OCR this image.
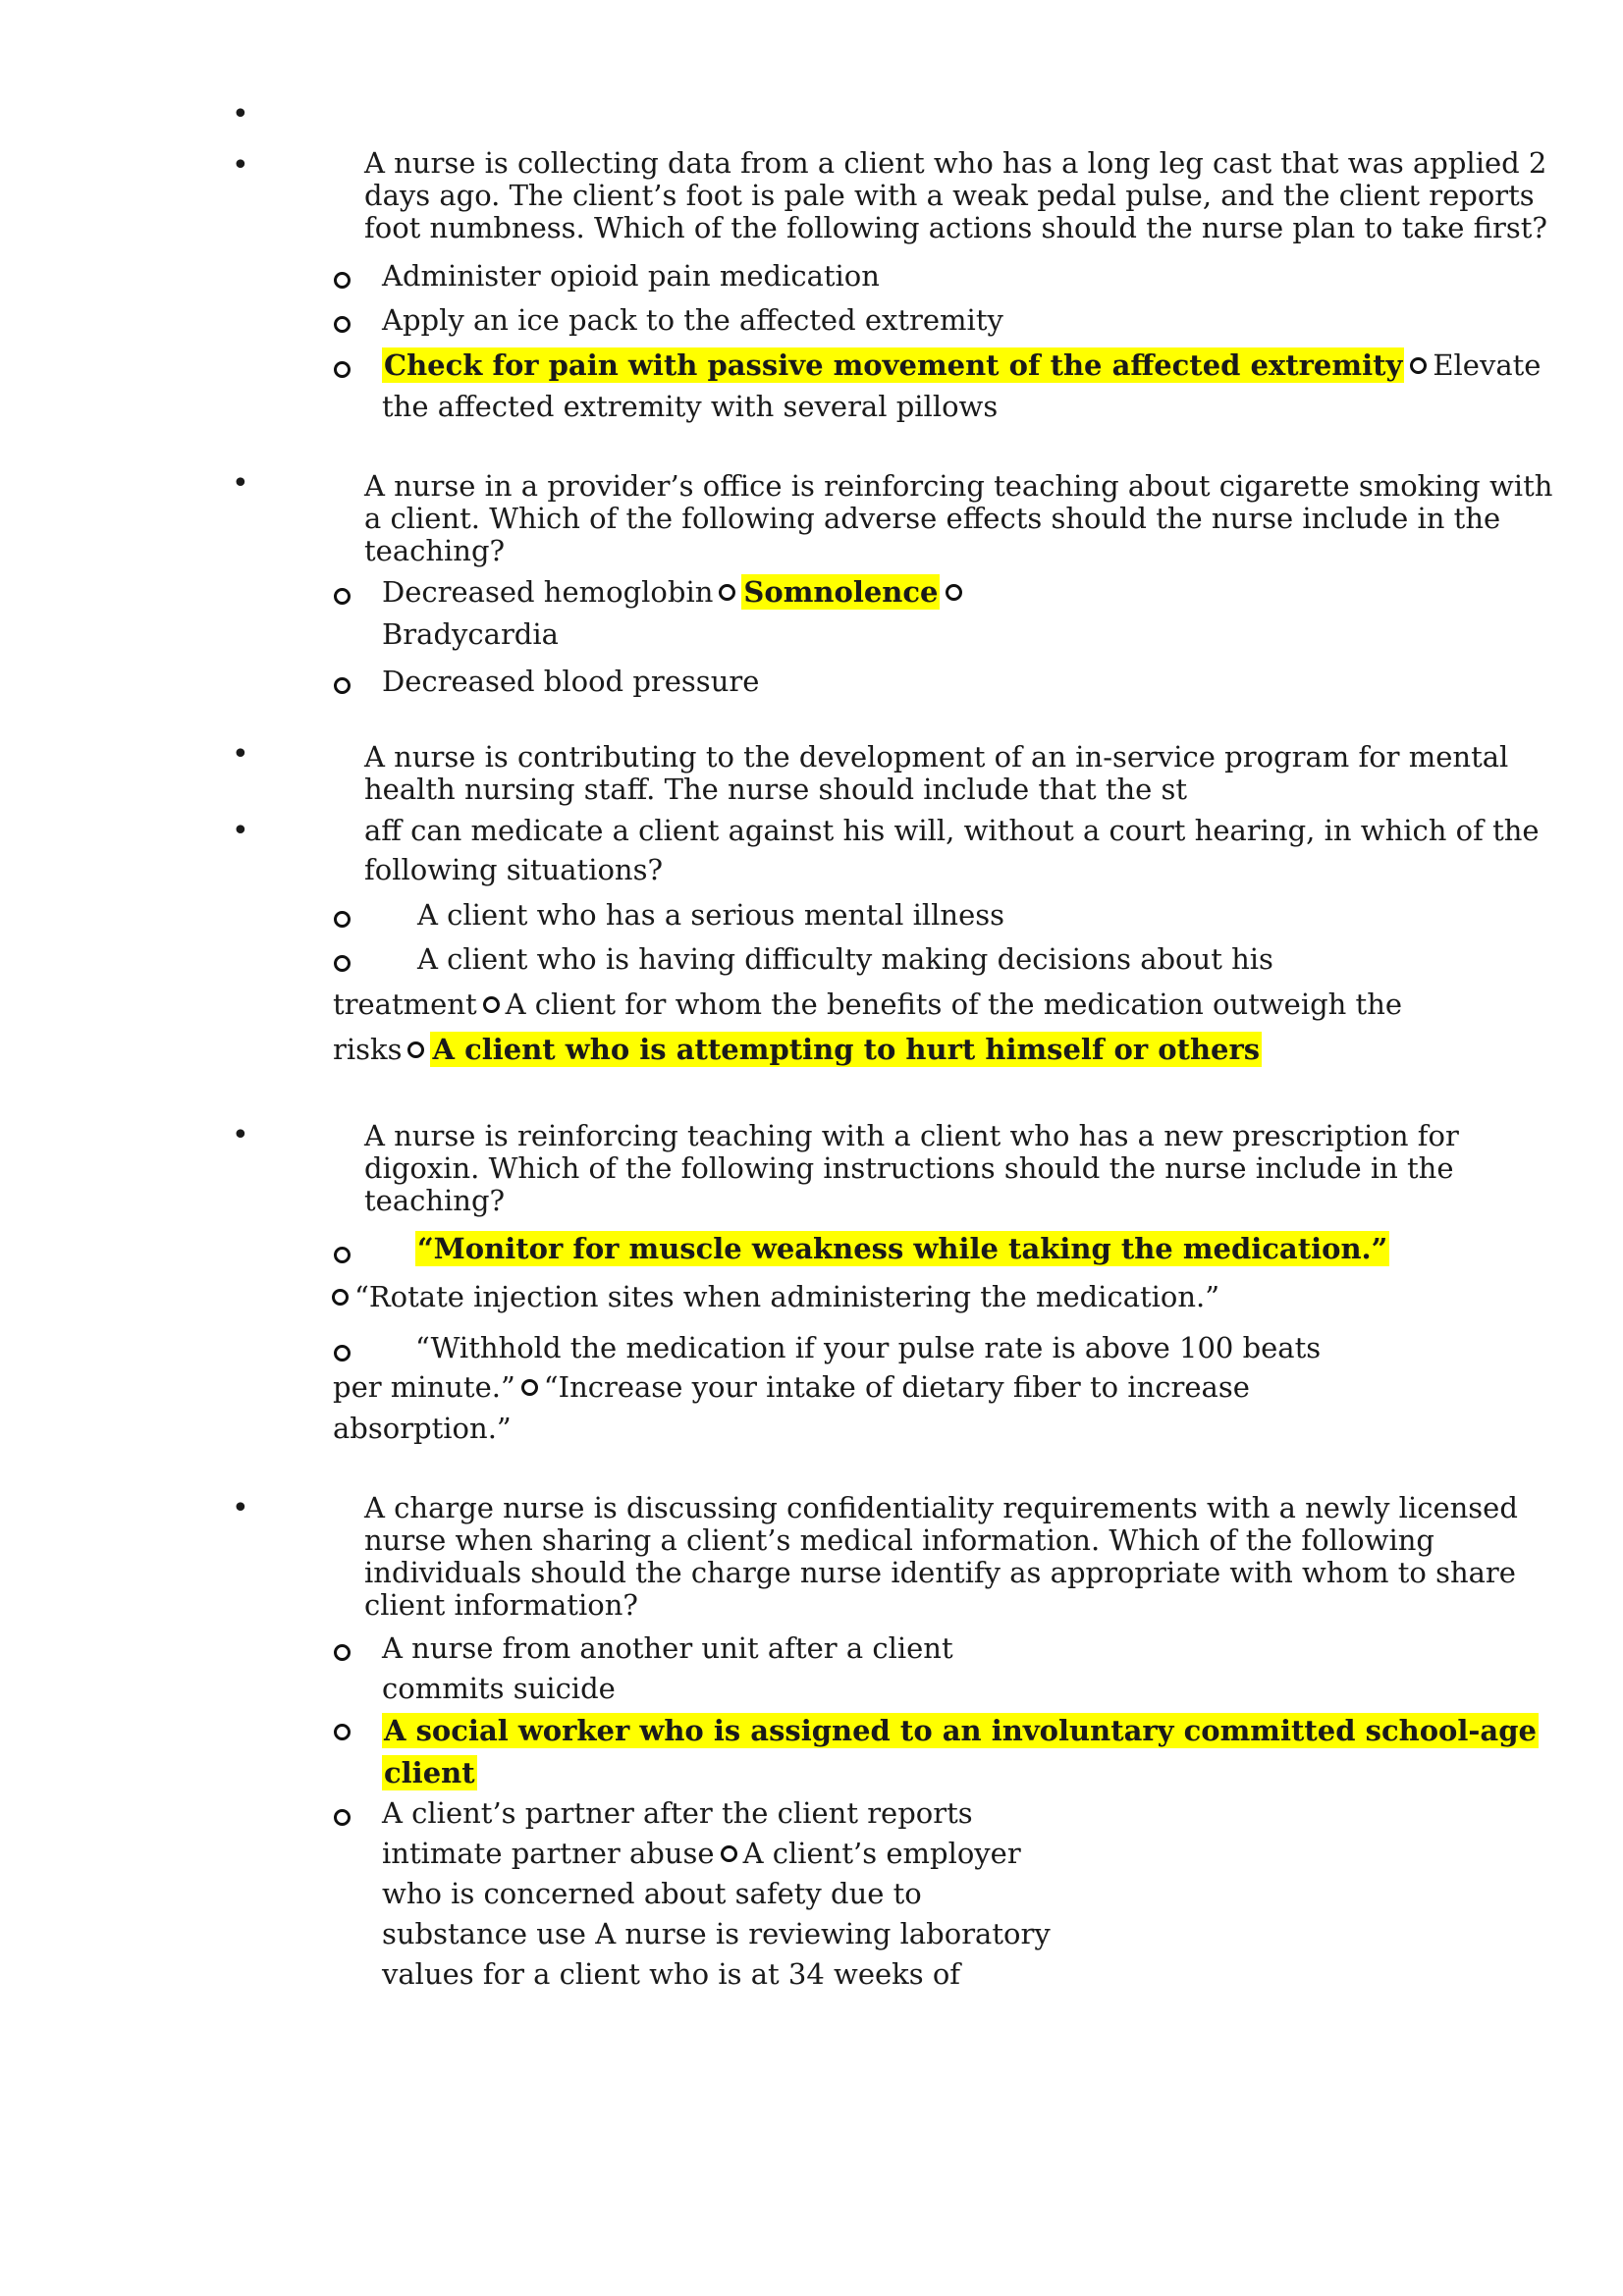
•
•
•
•
•
•
•
A nurse is collecting data from a client who has a long leg cast that was applied 2
days ago. The client’s foot is pale with a weak pedal pulse, and the client reports
foot numbness. Which of the following actions should the nurse plan to take first?
Administer opioid pain medication
Apply an ice pack to the affected extremity
Check for pain with passive movement of the affected extremity Elevate
the affected extremity with several pillows
A nurse in a provider’s office is reinforcing teaching about cigarette smoking with
a client. Which of the following adverse effects should the nurse include in the
teaching?
Decreased hemoglobin Somnolence
Bradycardia
Decreased blood pressure
A nurse is contributing to the development of an in-service program for mental
health nursing staff. The nurse should include that the st
aff can medicate a client against his will, without a court hearing, in which of the
following situations?
A client who has a serious mental illness
A client who is having difficulty making decisions about his
treatment A client for whom the benefits of the medication outweigh the
risks A client who is attempting to hurt himself or others
A nurse is reinforcing teaching with a client who has a new prescription for
digoxin. Which of the following instructions should the nurse include in the
teaching?
“Monitor for muscle weakness while taking the medication.”
“Rotate injection sites when administering the medication.”
“Withhold the medication if your pulse rate is above 100 beats
per minute.” “Increase your intake of dietary fiber to increase
absorption.”
A charge nurse is discussing confidentiality requirements with a newly licensed
nurse when sharing a client’s medical information. Which of the following
individuals should the charge nurse identify as appropriate with whom to share
client information?
A nurse from another unit after a client
commits suicide
A social worker who is assigned to an involuntary committed school-age
client
A client’s partner after the client reports
intimate partner abuse A client’s employer
who is concerned about safety due to
substance use A nurse is reviewing laboratory
values for a client who is at 34 weeks of
